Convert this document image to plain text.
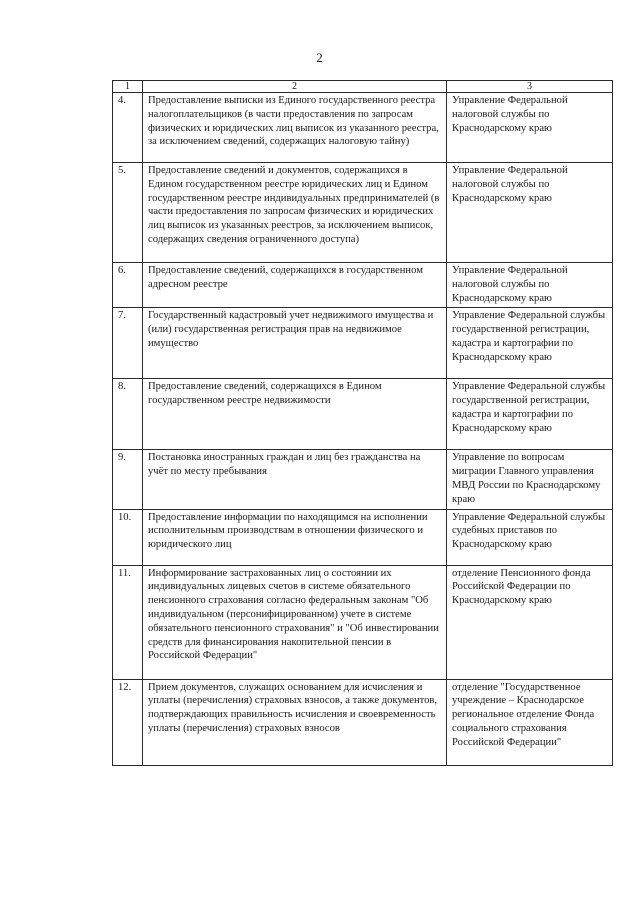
2
1	2	3
4.	Предоставление выписки из Единого государственного реестра налогоплательщиков (в части предоставления по запросам физических и юридических лиц выписок из указанного реестра, за исключением сведений, содержащих налоговую тайну)	Управление Федеральной налоговой службы по Краснодарскому краю
5.	Предоставление сведений и документов, содержащихся в Едином государственном реестре юридических лиц и Едином государственном реестре индивидуальных предпринимателей (в части предоставления по запросам физических и юридических лиц выписок из указанных реестров, за исключением выписок, содержащих сведения ограниченного доступа)	Управление Федеральной налоговой службы по Краснодарскому краю
6.	Предоставление сведений, содержащихся в государственном адресном реестре	Управление Федеральной налоговой службы по Краснодарскому краю
7.	Государственный кадастровый учет недвижимого имущества и (или) государственная регистрация прав на недвижимое имущество	Управление Федеральной службы государственной регистрации, кадастра и картографии по Краснодарскому краю
8.	Предоставление сведений, содержащихся в Едином государственном реестре недвижимости	Управление Федеральной службы государственной регистрации, кадастра и картографии по Краснодарскому краю
9.	Постановка иностранных граждан и лиц без гражданства на учёт по месту пребывания	Управление по вопросам миграции Главного управления МВД России по Краснодарскому краю
10.	Предоставление информации по находящимся на исполнении исполнительным производствам в отношении физического и юридического лиц	Управление Федеральной службы судебных приставов по Краснодарскому краю
11.	Информирование застрахованных лиц о состоянии их индивидуальных лицевых счетов в системе обязательного пенсионного страхования согласно федеральным законам "Об индивидуальном (персонифицированном) учете в системе обязательного пенсионного страхования" и "Об инвестировании средств для финансирования накопительной пенсии в Российской Федерации"	отделение Пенсионного фонда Российской Федерации по Краснодарскому краю
12.	Прием документов, служащих основанием для исчисления и уплаты (перечисления) страховых взносов, а также документов, подтверждающих правильность исчисления и своевременность уплаты (перечисления) страховых взносов	отделение "Государственное учреждение – Краснодарское региональное отделение Фонда социального страхования Российской Федерации"
